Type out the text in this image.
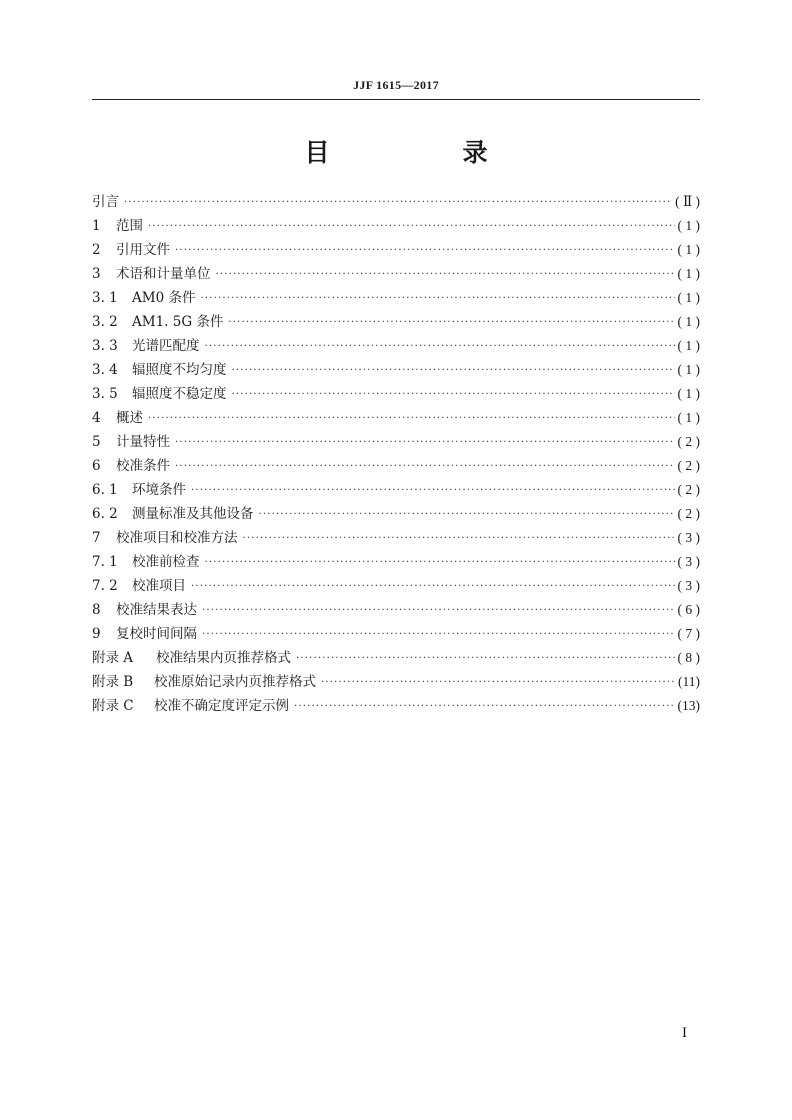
JJF 1615—2017
目　录
引言 ·····	( Ⅱ )
1	范围 ·····	( 1 )
2	引用文件 ·····	( 1 )
3	术语和计量单位 ·····	( 1 )
3. 1	AM0 条件 ·····	( 1 )
3. 2	AM1. 5G 条件 ·····	( 1 )
3. 3	光谱匹配度 ·····	( 1 )
3. 4	辐照度不均匀度 ·····	( 1 )
3. 5	辐照度不稳定度 ·····	( 1 )
4	概述 ·····	( 1 )
5	计量特性 ·····	( 2 )
6	校准条件 ·····	( 2 )
6. 1	环境条件 ·····	( 2 )
6. 2	测量标准及其他设备 ·····	( 2 )
7	校准项目和校准方法 ·····	( 3 )
7. 1	校准前检查 ·····	( 3 )
7. 2	校准项目 ·····	( 3 )
8	校准结果表达 ·····	( 6 )
9	复校时间间隔 ·····	( 7 )
附录 A	校准结果内页推荐格式 ·····	( 8 )
附录 B	校准原始记录内页推荐格式 ·····	(11)
附录 C	校准不确定度评定示例 ·····	(13)
I
